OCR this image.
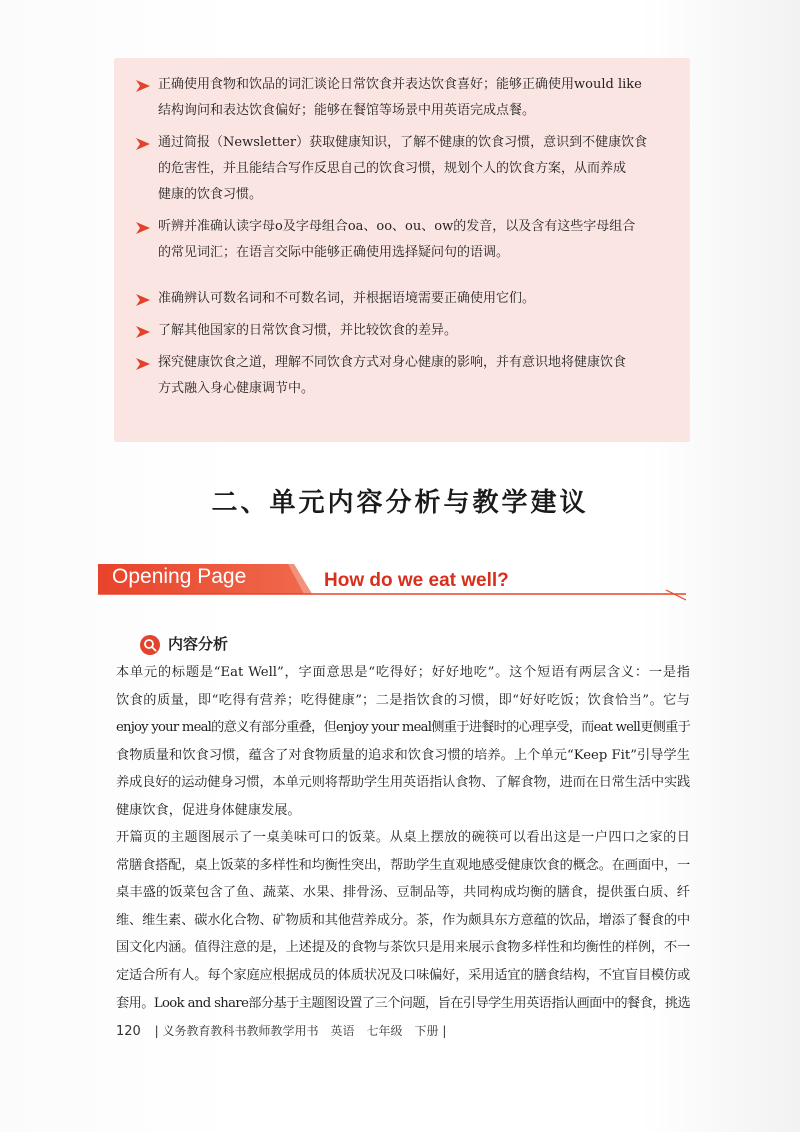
正确使用食物和饮品的词汇谈论日常饮食并表达饮食喜好；能够正确使用would like
结构询问和表达饮食偏好；能够在餐馆等场景中用英语完成点餐。
通过简报（Newsletter）获取健康知识，了解不健康的饮食习惯，意识到不健康饮食
的危害性，并且能结合写作反思自己的饮食习惯，规划个人的饮食方案，从而养成
健康的饮食习惯。
听辨并准确认读字母o及字母组合oa、oo、ou、ow的发音，以及含有这些字母组合
的常见词汇；在语言交际中能够正确使用选择疑问句的语调。
准确辨认可数名词和不可数名词，并根据语境需要正确使用它们。
了解其他国家的日常饮食习惯，并比较饮食的差异。
探究健康饮食之道，理解不同饮食方式对身心健康的影响，并有意识地将健康饮食
方式融入身心健康调节中。
二、单元内容分析与教学建议
Opening Page	How do we eat well?
内容分析
本单元的标题是“Eat Well”，字面意思是“吃得好；好好地吃”。这个短语有两层含义：一是指
饮食的质量，即“吃得有营养；吃得健康”；二是指饮食的习惯，即“好好吃饭；饮食恰当”。它与
enjoy your meal的意义有部分重叠，但enjoy your meal侧重于进餐时的心理享受，而eat well更侧重于
食物质量和饮食习惯，蕴含了对食物质量的追求和饮食习惯的培养。上个单元“Keep Fit”引导学生
养成良好的运动健身习惯，本单元则将帮助学生用英语指认食物、了解食物，进而在日常生活中实践
健康饮食，促进身体健康发展。
开篇页的主题图展示了一桌美味可口的饭菜。从桌上摆放的碗筷可以看出这是一户四口之家的日
常膳食搭配，桌上饭菜的多样性和均衡性突出，帮助学生直观地感受健康饮食的概念。在画面中，一
桌丰盛的饭菜包含了鱼、蔬菜、水果、排骨汤、豆制品等，共同构成均衡的膳食，提供蛋白质、纤
维、维生素、碳水化合物、矿物质和其他营养成分。茶，作为颇具东方意蕴的饮品，增添了餐食的中
国文化内涵。值得注意的是，上述提及的食物与茶饮只是用来展示食物多样性和均衡性的样例，不一
定适合所有人。每个家庭应根据成员的体质状况及口味偏好，采用适宜的膳食结构，不宜盲目模仿或
套用。Look and share部分基于主题图设置了三个问题，旨在引导学生用英语指认画面中的餐食，挑选
120 | 义务教育教科书教师教学用书　英语　七年级　下册 |
